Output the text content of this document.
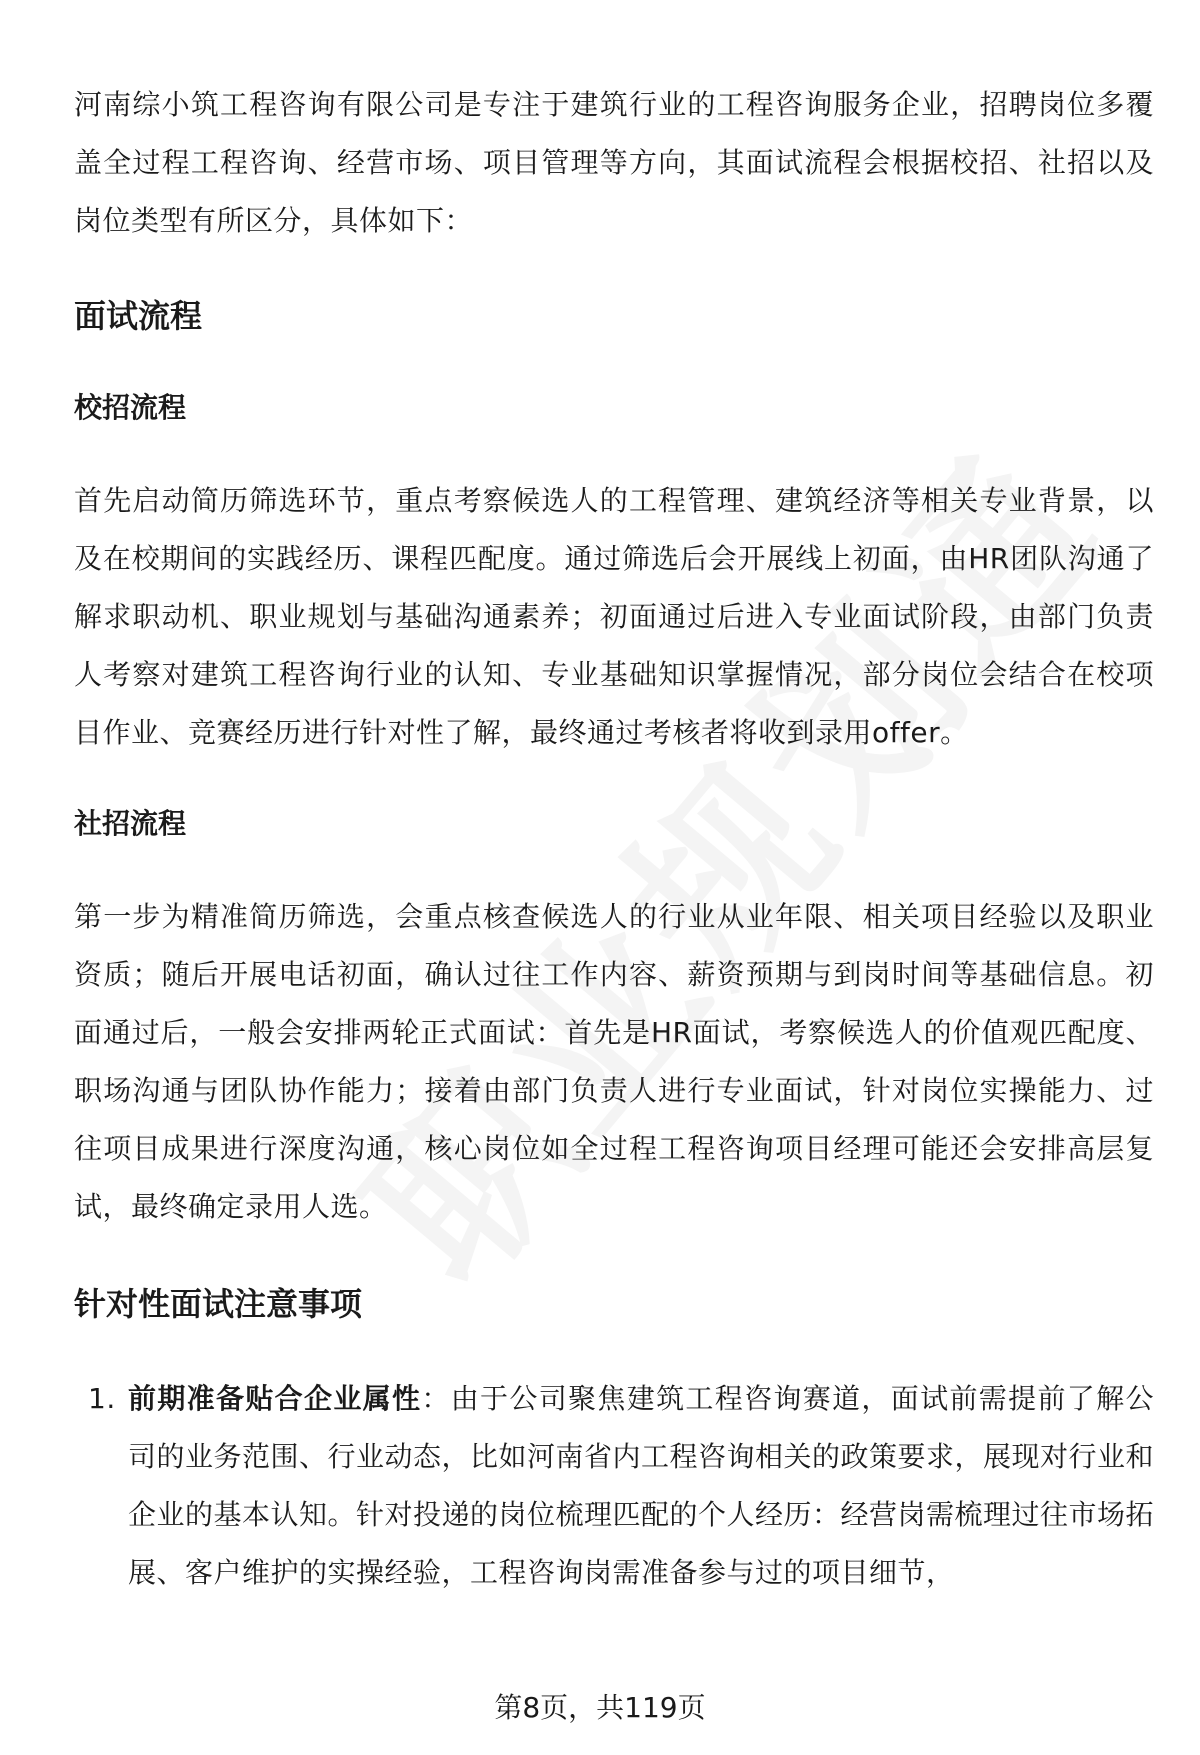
河南综小筑工程咨询有限公司是专注于建筑行业的工程咨询服务企业，招聘岗位多覆盖全过程工程咨询、经营市场、项目管理等方向，其面试流程会根据校招、社招以及岗位类型有所区分，具体如下：

面试流程
校招流程

首先启动简历筛选环节，重点考察候选人的工程管理、建筑经济等相关专业背景，以及在校期间的实践经历、课程匹配度。通过筛选后会开展线上初面，由HR团队沟通了解求职动机、职业规划与基础沟通素养；初面通过后进入专业面试阶段，由部门负责人考察对建筑工程咨询行业的认知、专业基础知识掌握情况，部分岗位会结合在校项目作业、竞赛经历进行针对性了解，最终通过考核者将收到录用offer。

社招流程

第一步为精准简历筛选，会重点核查候选人的行业从业年限、相关项目经验以及职业资质；随后开展电话初面，确认过往工作内容、薪资预期与到岗时间等基础信息。初面通过后，一般会安排两轮正式面试：首先是HR面试，考察候选人的价值观匹配度、职场沟通与团队协作能力；接着由部门负责人进行专业面试，针对岗位实操能力、过往项目成果进行深度沟通，核心岗位如全过程工程咨询项目经理可能还会安排高层复试，最终确定录用人选。

针对性面试注意事项
1. 前期准备贴合企业属性：由于公司聚焦建筑工程咨询赛道，面试前需提前了解公司的业务范围、行业动态，比如河南省内工程咨询相关的政策要求，展现对行业和企业的基本认知。针对投递的岗位梳理匹配的个人经历：经营岗需梳理过往市场拓展、客户维护的实操经验，工程咨询岗需准备参与过的项目细节，
第8页，共119页
